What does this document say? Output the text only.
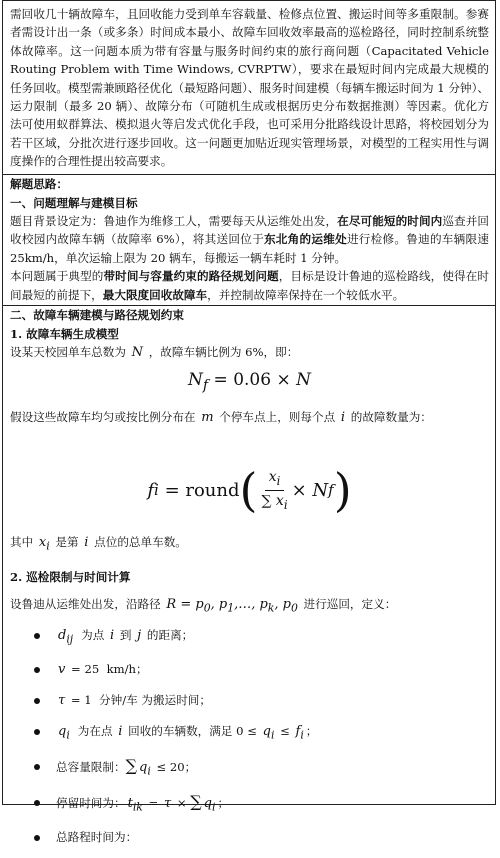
需回收几十辆故障车，且回收能力受到单车容载量、检修点位置、搬运时间等多重限制。参赛者需设计出一条（或多条）时间成本最小、故障车回收效率最高的巡检路径，同时控制系统整体故障率。这一问题本质为带有容量与服务时间约束的旅行商问题（Capacitated Vehicle Routing Problem with Time Windows, CVRPTW），要求在最短时间内完成最大规模的任务回收。模型需兼顾路径优化（最短路问题）、服务时间建模（每辆车搬运时间为 1 分钟）、运力限制（最多 20 辆）、故障分布（可随机生成或根据历史分布数据推测）等因素。优化方法可使用蚁群算法、模拟退火等启发式优化手段，也可采用分批路线设计思路，将校园划分为若干区域，分批次进行逐步回收。这一问题更加贴近现实管理场景，对模型的工程实用性与调度操作的合理性提出较高要求。

解题思路：

一、问题理解与建模目标

题目背景设定为：鲁迪作为维修工人，需要每天从运维处出发，在尽可能短的时间内巡查并回收校园内故障车辆（故障率 6%），将其送回位于东北角的运维处进行检修。鲁迪的车辆限速 25km/h，单次运输上限为 20 辆车，每搬运一辆车耗时 1 分钟。

本问题属于典型的带时间与容量约束的路径规划问题，目标是设计鲁迪的巡检路线，使得在时间最短的前提下，最大限度回收故障车，并控制故障率保持在一个较低水平。

二、故障车辆建模与路径规划约束

1. 故障车辆生成模型

设某天校园单车总数为 N ，故障车辆比例为 6%，即：

$N_f = 0.06 \times N$

假设这些故障车均匀或按比例分布在 m 个停车点上，则每个点 i 的故障数量为：

f i
= round ( $\frac{x_i}{\sum x_i} \times N$ f )

其中 $x_i$ 是第 i 点位的总单车数。

2. 巡检限制与时间计算

设鲁迪从运维处出发，沿路径 $R = p_0$, $p_1,\dots$, $p_k$, $p_0$ 进行巡回，定义：

$d_{ij}$ 为点 i 到 j 的距离；
v = 25  km/h；
τ = 1  分钟/车 为搬运时间；
$q_i$ 为在点 i 回收的车辆数，满足 $0 \le q_i \le f_i$ ；
总容量限制：∑ $q_i \le 20$；
停留时间为： $t_{ik} = \tau$ × ∑ $q_i$ ；
总路程时间为：
